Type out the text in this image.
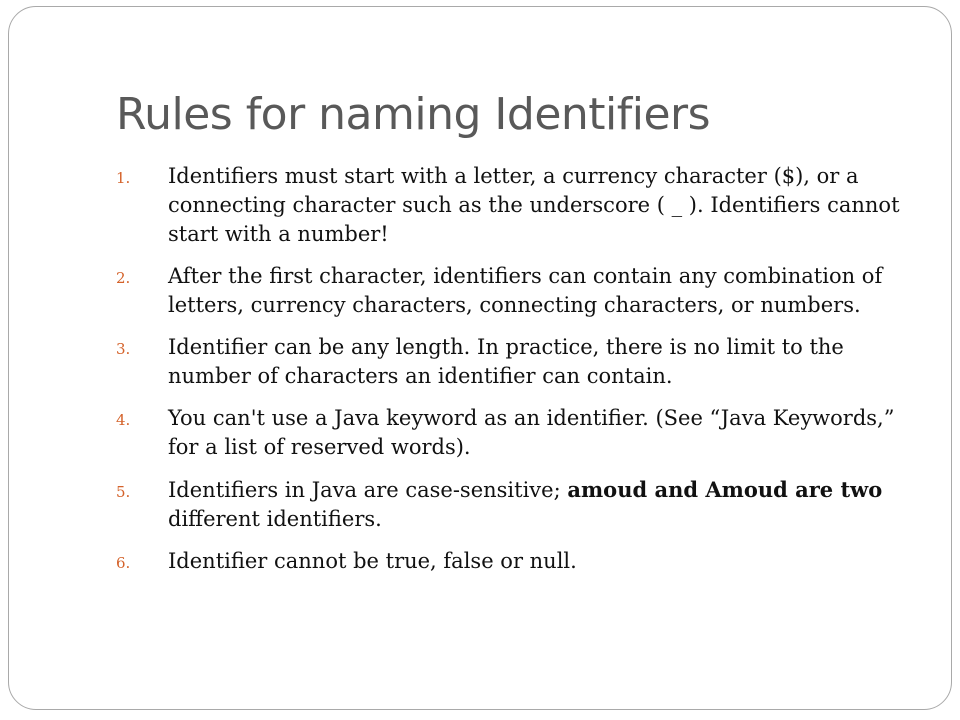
Rules for naming Identifiers
1.	Identifiers must start with a letter, a currency character ($), or a connecting character such as the underscore ( _ ). Identifiers cannot start with a number!
2.	After the first character, identifiers can contain any combination of letters, currency characters, connecting characters, or numbers.
3.	Identifier can be any length. In practice, there is no limit to the number of characters an identifier can contain.
4.	You can't use a Java keyword as an identifier. (See “Java Keywords,” for a list of reserved words).
5.	Identifiers in Java are case-sensitive; amoud and Amoud are two different identifiers.
6.	Identifier cannot be true, false or null.
